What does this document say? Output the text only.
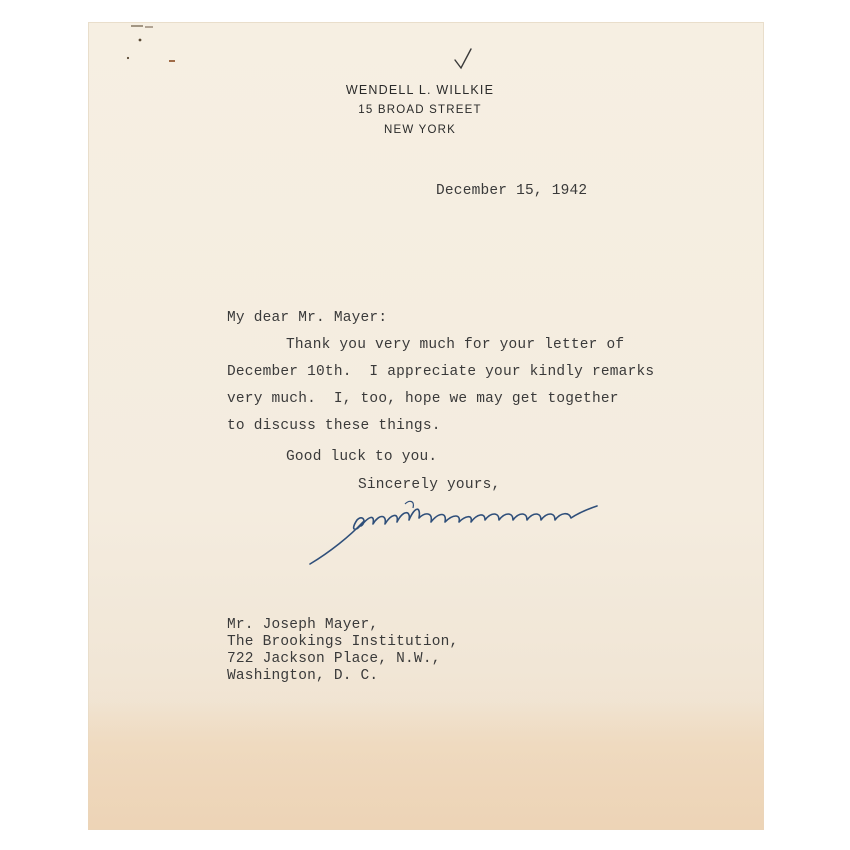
WENDELL L. WILLKIE
15 BROAD STREET
NEW YORK
December 15, 1942
My dear Mr. Mayer:
Thank you very much for your letter of
December 10th.  I appreciate your kindly remarks
very much.  I, too, hope we may get together
to discuss these things.
Good luck to you.
Sincerely yours,
Mr. Joseph Mayer,
The Brookings Institution,
722 Jackson Place, N.W.,
Washington, D. C.
